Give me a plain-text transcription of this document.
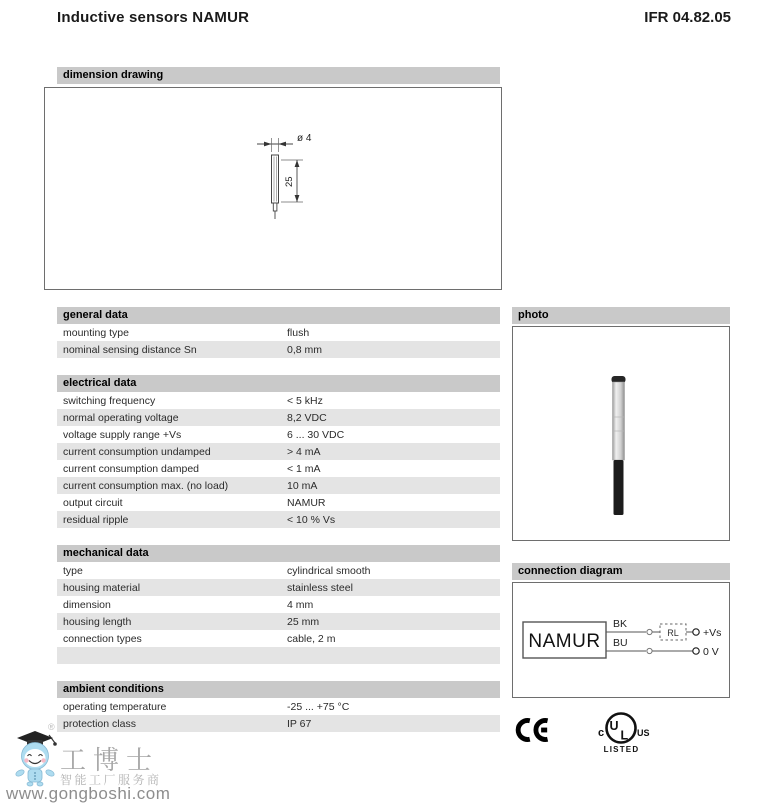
Inductive sensors NAMUR	IFR 04.82.05
dimension drawing
ø 4
25
general data
mounting type	flush
nominal sensing distance Sn	0,8 mm
electrical data
switching frequency	< 5 kHz
normal operating voltage	8,2 VDC
voltage supply range +Vs	6 ... 30 VDC
current consumption undamped	> 4 mA
current consumption damped	< 1 mA
current consumption max. (no load)	10 mA
output circuit	NAMUR
residual ripple	< 10 % Vs
mechanical data
type	cylindrical smooth
housing material	stainless steel
dimension	4 mm
housing length	25 mm
connection types	cable, 2 m
ambient conditions
operating temperature	-25 ... +75 °C
protection class	IP 67
photo
connection diagram
NAMUR	RL
BK
+Vs
BU
0 V
U
L
c	US
LISTED
®
工博士
智能工厂服务商
www.gongboshi.com
